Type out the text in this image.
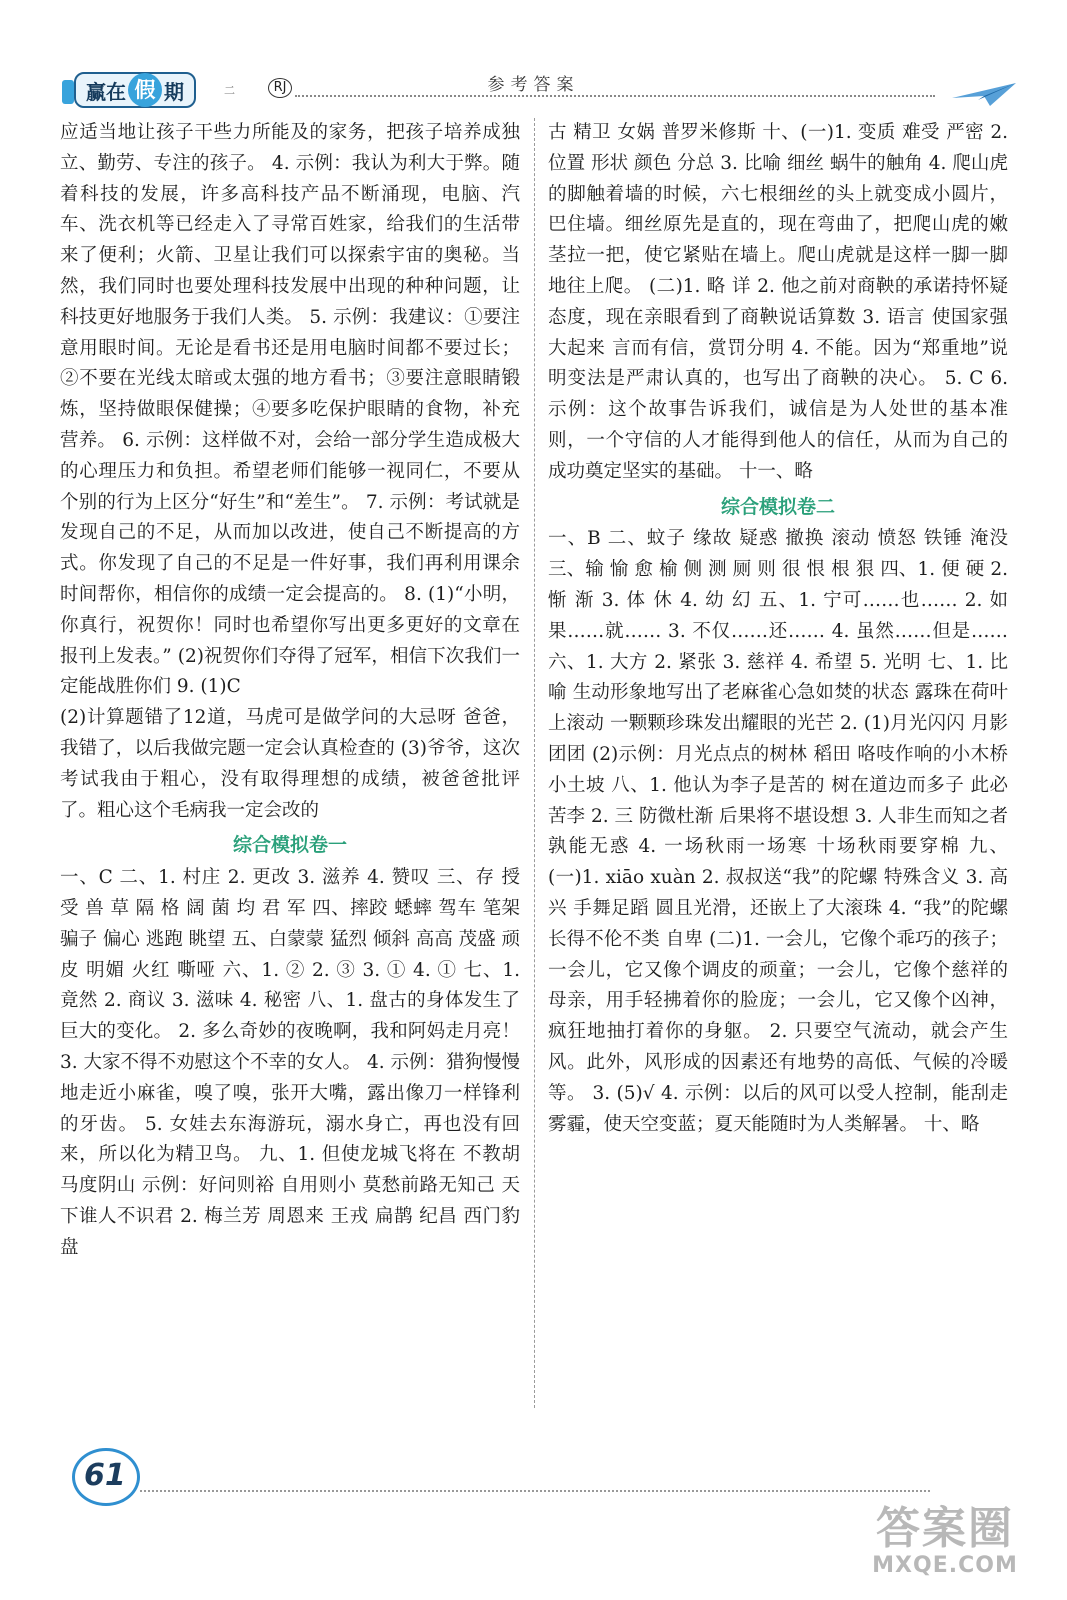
赢在 假 期	二	RJ	参考答案

应适当地让孩子干些力所能及的家务，把孩子培养成独立、勤劳、专注的孩子。 4. 示例：我认为利大于弊。随着科技的发展，许多高科技产品不断涌现，电脑、汽车、洗衣机等已经走入了寻常百姓家，给我们的生活带来了便利；火箭、卫星让我们可以探索宇宙的奥秘。当然，我们同时也要处理科技发展中出现的种种问题，让科技更好地服务于我们人类。 5. 示例：我建议：①要注意用眼时间。无论是看书还是用电脑时间都不要过长；②不要在光线太暗或太强的地方看书；③要注意眼睛锻炼，坚持做眼保健操；④要多吃保护眼睛的食物，补充营养。 6. 示例：这样做不对，会给一部分学生造成极大的心理压力和负担。希望老师们能够一视同仁，不要从个别的行为上区分“好生”和“差生”。 7. 示例：考试就是发现自己的不足，从而加以改进，使自己不断提高的方式。你发现了自己的不足是一件好事，我们再利用课余时间帮你，相信你的成绩一定会提高的。 8. (1)“小明，你真行，祝贺你！同时也希望你写出更多更好的文章在报刊上发表。” (2)祝贺你们夺得了冠军，相信下次我们一定能战胜你们 9. (1)C

(2)计算题错了12道，马虎可是做学问的大忌呀 爸爸，我错了，以后我做完题一定会认真检查的 (3)爷爷，这次考试我由于粗心，没有取得理想的成绩，被爸爸批评了。粗心这个毛病我一定会改的

综合模拟卷一

一、C 二、1. 村庄 2. 更改 3. 滋养 4. 赞叹 三、存 授 受 兽 草 隔 格 阔 菌 均 君 军 四、摔跤 蟋蟀 驾车 笔架 骗子 偏心 逃跑 眺望 五、白蒙蒙 猛烈 倾斜 高高 茂盛 顽皮 明媚 火红 嘶哑 六、1. ② 2. ③ 3. ① 4. ① 七、1. 竟然 2. 商议 3. 滋味 4. 秘密 八、1. 盘古的身体发生了巨大的变化。 2. 多么奇妙的夜晚啊，我和阿妈走月亮！ 3. 大家不得不劝慰这个不幸的女人。 4. 示例：猎狗慢慢地走近小麻雀，嗅了嗅，张开大嘴，露出像刀一样锋利的牙齿。 5. 女娃去东海游玩，溺水身亡，再也没有回来，所以化为精卫鸟。 九、1. 但使龙城飞将在 不教胡马度阴山 示例：好问则裕 自用则小 莫愁前路无知己 天下谁人不识君 2. 梅兰芳 周恩来 王戎 扁鹊 纪昌 西门豹 盘

古 精卫 女娲 普罗米修斯 十、(一)1. 变质 难受 严密 2. 位置 形状 颜色 分总 3. 比喻 细丝 蜗牛的触角 4. 爬山虎的脚触着墙的时候，六七根细丝的头上就变成小圆片，巴住墙。细丝原先是直的，现在弯曲了，把爬山虎的嫩茎拉一把，使它紧贴在墙上。爬山虎就是这样一脚一脚地往上爬。 (二)1. 略 详 2. 他之前对商鞅的承诺持怀疑态度，现在亲眼看到了商鞅说话算数 3. 语言 使国家强大起来 言而有信，赏罚分明 4. 不能。因为“郑重地”说明变法是严肃认真的，也写出了商鞅的决心。 5. C 6. 示例：这个故事告诉我们，诚信是为人处世的基本准则，一个守信的人才能得到他人的信任，从而为自己的成功奠定坚实的基础。 十一、略

综合模拟卷二

一、B 二、蚊子 缘故 疑惑 撤换 滚动 愤怒 铁锤 淹没 三、输 愉 愈 榆 侧 测 厕 则 很 恨 根 狠 四、1. 便 硬 2. 惭 渐 3. 体 休 4. 幼 幻 五、1. 宁可……也…… 2. 如果……就…… 3. 不仅……还…… 4. 虽然……但是…… 六、1. 大方 2. 紧张 3. 慈祥 4. 希望 5. 光明 七、1. 比喻 生动形象地写出了老麻雀心急如焚的状态 露珠在荷叶上滚动 一颗颗珍珠发出耀眼的光芒 2. (1)月光闪闪 月影团团 (2)示例：月光点点的树林 稻田 咯吱作响的小木桥 小土坡 八、1. 他认为李子是苦的 树在道边而多子 此必苦李 2. 三 防微杜渐 后果将不堪设想 3. 人非生而知之者 孰能无惑 4. 一场秋雨一场寒 十场秋雨要穿棉 九、(一)1. xiāo xuàn 2. 叔叔送“我”的陀螺 特殊含义 3. 高兴 手舞足蹈 圆且光滑，还嵌上了大滚珠 4. “我”的陀螺长得不伦不类 自卑 (二)1. 一会儿，它像个乖巧的孩子；一会儿，它又像个调皮的顽童；一会儿，它像个慈祥的母亲，用手轻拂着你的脸庞；一会儿，它又像个凶神，疯狂地抽打着你的身躯。 2. 只要空气流动，就会产生风。此外，风形成的因素还有地势的高低、气候的冷暖等。 3. (5)√ 4. 示例：以后的风可以受人控制，能刮走雾霾，使天空变蓝；夏天能随时为人类解暑。 十、略

61
答案圈
MXQE.COM
